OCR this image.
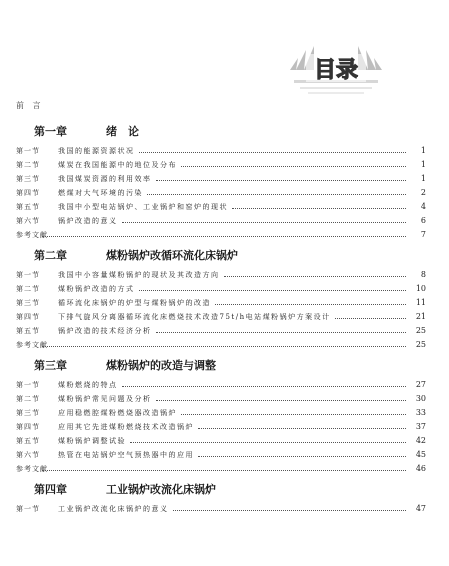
目录
前 言
第一章	绪　论
第一节	我国的能源资源状况	1
第二节	煤炭在我国能源中的地位及分布	1
第三节	我国煤炭资源的利用效率	1
第四节	燃煤对大气环境的污染	2
第五节	我国中小型电站锅炉、工业锅炉和窑炉的现状	4
第六节	锅炉改造的意义	6
参考文献	7
第二章	煤粉锅炉改循环流化床锅炉
第一节	我国中小容量煤粉锅炉的现状及其改造方向	8
第二节	煤粉锅炉改造的方式	10
第三节	循环流化床锅炉的炉型与煤粉锅炉的改造	11
第四节	下排气旋风分离器循环流化床燃烧技术改造75t/h电站煤粉锅炉方案设计	21
第五节	锅炉改造的技术经济分析	25
参考文献	25
第三章	煤粉锅炉的改造与调整
第一节	煤粉燃烧的特点	27
第二节	煤粉锅炉常见问题及分析	30
第三节	应用稳燃腔煤粉燃烧器改造锅炉	33
第四节	应用其它先进煤粉燃烧技术改造锅炉	37
第五节	煤粉锅炉调整试验	42
第六节	热管在电站锅炉空气预热器中的应用	45
参考文献	46
第四章	工业锅炉改流化床锅炉
第一节	工业锅炉改流化床锅炉的意义	47
